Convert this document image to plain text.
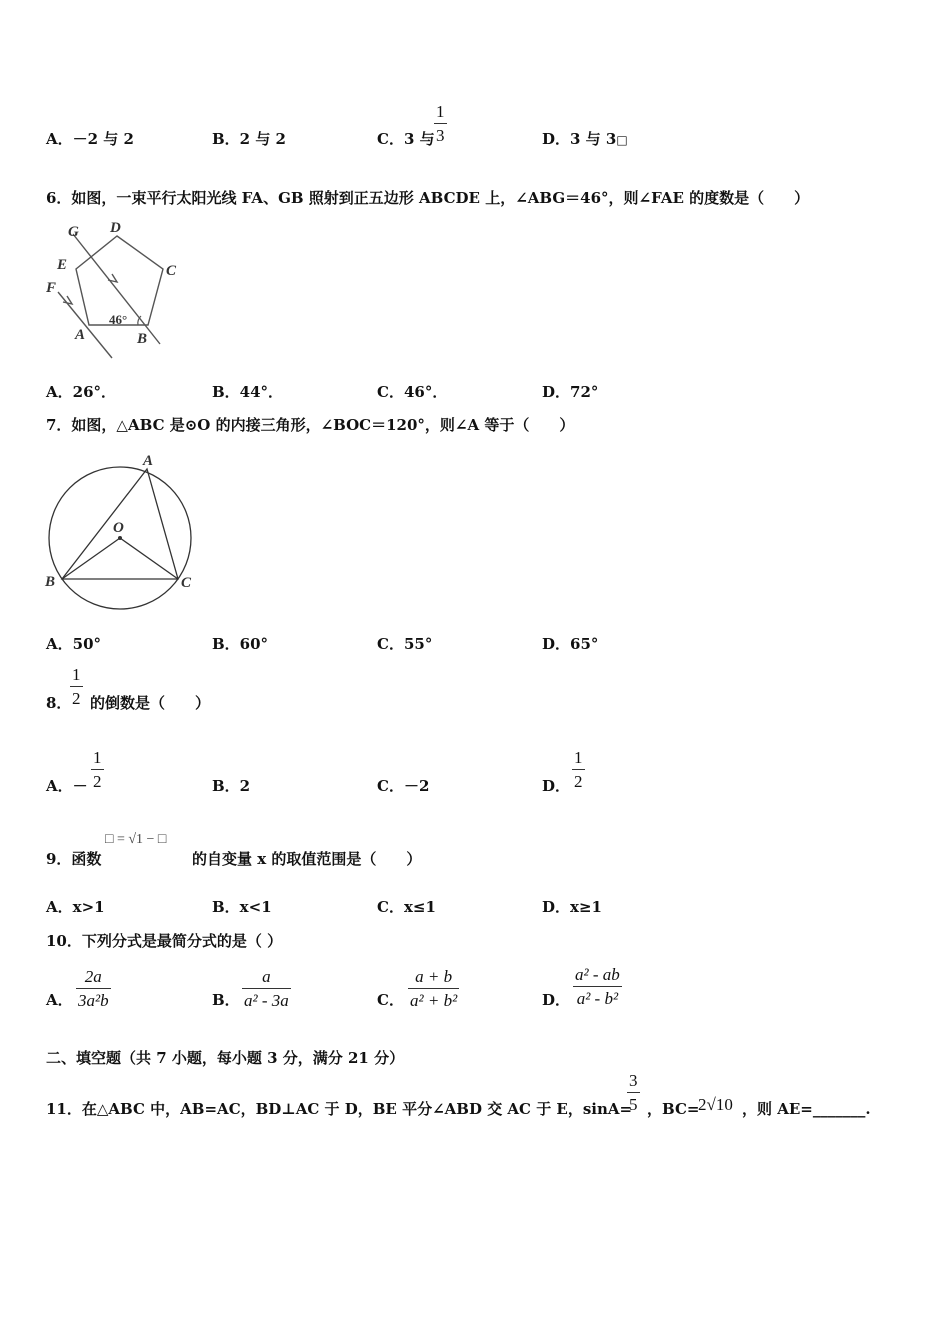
A．－2 与 2	B．2 与 2	C．3 与
1
3	D．3 与 3□
6．如图，一束平行太阳光线 FA、GB 照射到正五边形 ABCDE 上，∠ABG＝46°，则∠FAE 的度数是（　　）
G D
E	C
F
A	B
46°
A．26°．	B．44°．	C．46°．	D．72°
7．如图，△ABC 是⊙O 的内接三角形，∠BOC＝120°，则∠A 等于（　　）
A
O
B	C
A．50°	B．60°	C．55°	D．65°
8．
1
2 的倒数是（　　）
A．－
1
2	B．2	C．－2	D．
1
2
9．函数
□ = √1 − □
的自变量 x 的取值范围是（　　）
A．x>1	B．x<1	C．x≤1	D．x≥1
10．下列分式是最简分式的是（ ）
A．
2a
3a²b	B．
a
a² - 3a	C．
a + b
a² + b²	D．
a² - ab
a² - b²
二、填空题（共 7 小题，每小题 3 分，满分 21 分）
11．在△ABC 中，AB=AC，BD⊥AC 于 D，BE 平分∠ABD 交 AC 于 E，sinA=
3
5 ，BC=
2√10 ，则 AE=_______.
